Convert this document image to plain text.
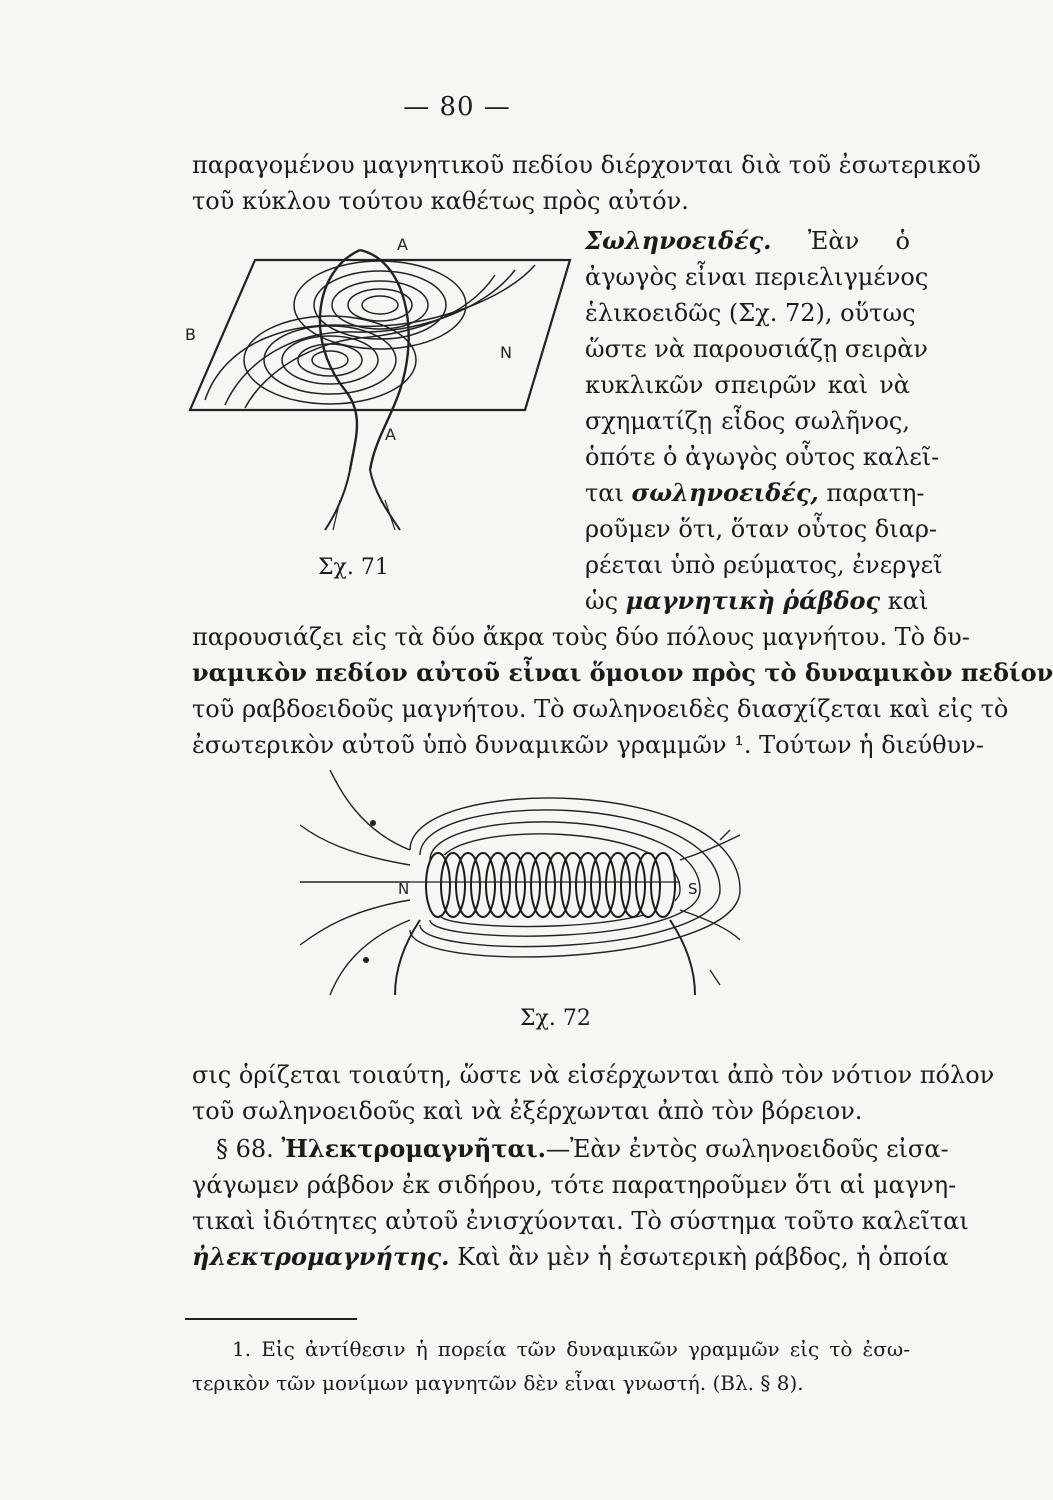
— 80 —
παραγομένου μαγνητικοῦ πεδίου διέρχονται διὰ τοῦ ἐσωτερικοῦ
τοῦ κύκλου τούτου καθέτως πρὸς αὐτόν.
Σωληνοειδές. Ἐὰν ὁ
ἀγωγὸς εἶναι περιελιγμένος
ἑλικοειδῶς (Σχ. 72), οὕτως
ὥστε νὰ παρουσιάζῃ σειρὰν
κυκλικῶν σπειρῶν καὶ νὰ
σχηματίζῃ εἶδος σωλῆνος,
ὁπότε ὁ ἀγωγὸς οὗτος καλεῖ-
ται σωληνοειδές, παρατη-
ροῦμεν ὅτι, ὅταν οὗτος διαρ-
ρέεται ὑπὸ ρεύματος, ἐνεργεῖ
ὡς μαγνητικὴ ῥάβδος καὶ
A
B
N
A
Σχ. 71
παρουσιάζει εἰς τὰ δύο ἄκρα τοὺς δύο πόλους μαγνήτου. Τὸ δυ-
ναμικὸν πεδίον αὐτοῦ εἶναι ὅμοιον πρὸς τὸ δυναμικὸν πεδίον
τοῦ ραβδοειδοῦς μαγνήτου. Τὸ σωληνοειδὲς διασχίζεται καὶ εἰς τὸ
ἐσωτερικὸν αὐτοῦ ὑπὸ δυναμικῶν γραμμῶν ¹. Τούτων ἡ διεύθυν-
N	S
Σχ. 72
σις ὁρίζεται τοιαύτη, ὥστε νὰ εἰσέρχωνται ἀπὸ τὸν νότιον πόλον
τοῦ σωληνοειδοῦς καὶ νὰ ἐξέρχωνται ἀπὸ τὸν βόρειον.
 § 68. Ἠλεκτρομαγνῆται.—Ἐὰν ἐντὸς σωληνοειδοῦς εἰσα-
γάγωμεν ράβδον ἐκ σιδήρου, τότε παρατηροῦμεν ὅτι αἱ μαγνη-
τικαὶ ἰδιότητες αὐτοῦ ἐνισχύονται. Τὸ σύστημα τοῦτο καλεῖται
ἠλεκτρομαγνήτης. Καὶ ἂν μὲν ἡ ἐσωτερικὴ ράβδος, ἡ ὁποία
1. Εἰς ἀντίθεσιν ἡ πορεία τῶν δυναμικῶν γραμμῶν εἰς τὸ ἐσω-
τερικὸν τῶν μονίμων μαγνητῶν δὲν εἶναι γνωστή. (Βλ. § 8).
